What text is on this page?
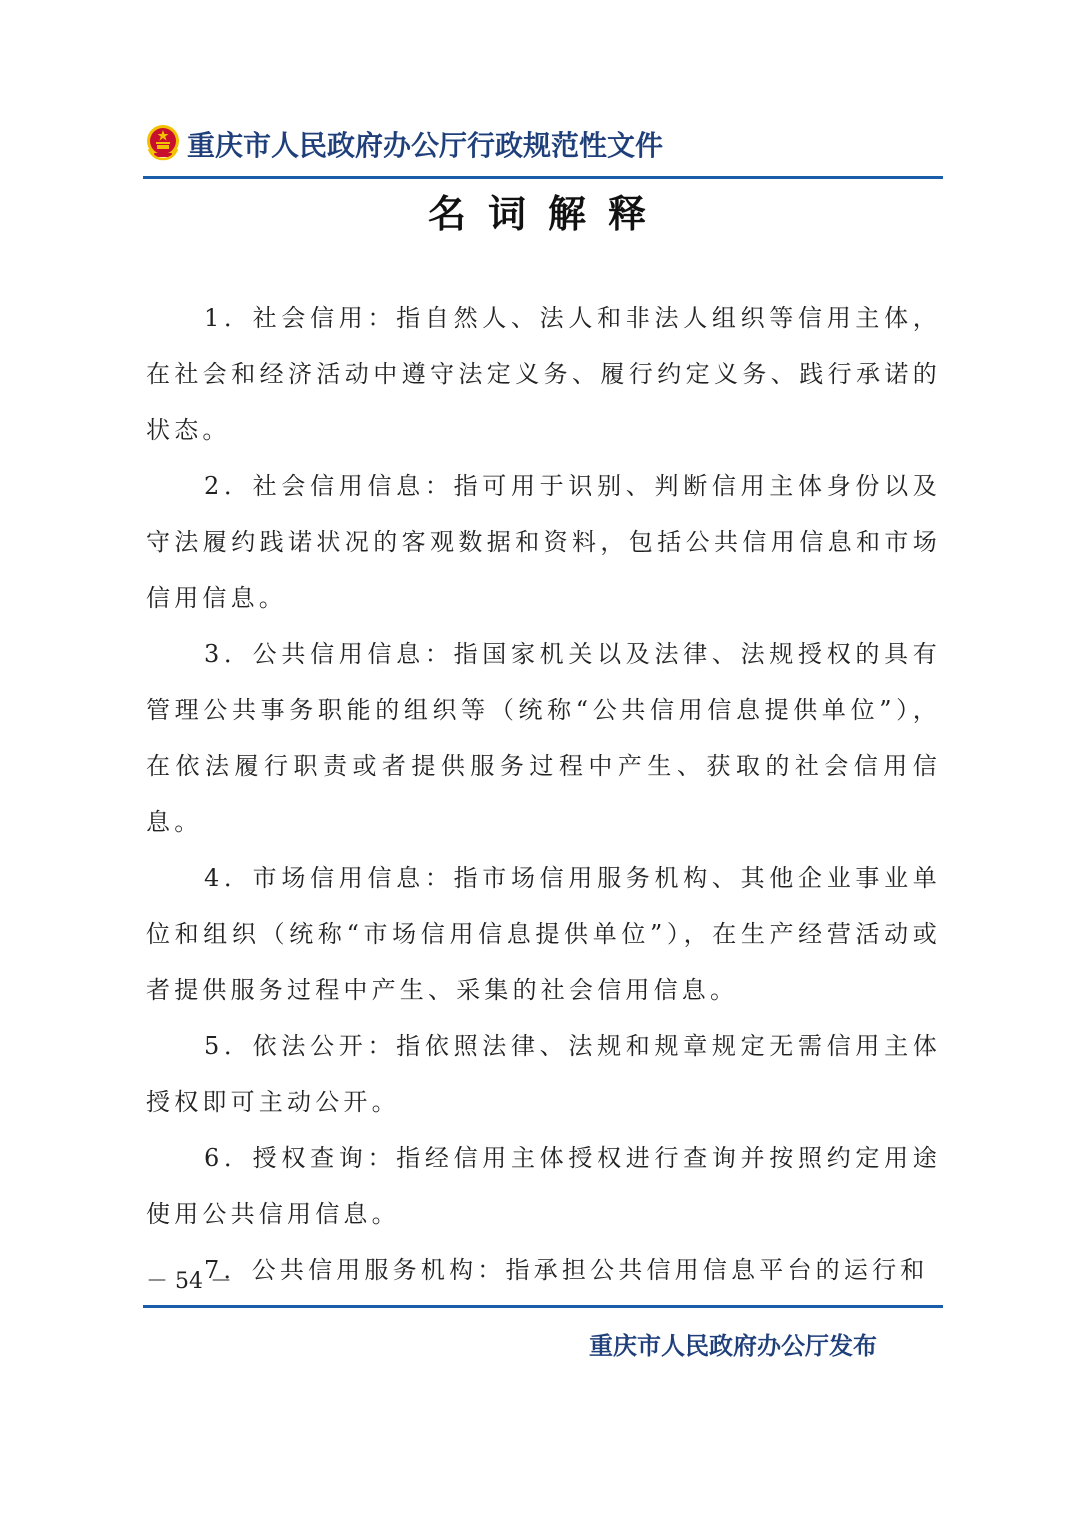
重庆市人民政府办公厅行政规范性文件
名词解释

1．社会信用：指自然人、法人和非法人组织等信用主体，在社会和经济活动中遵守法定义务、履行约定义务、践行承诺的状态。

2．社会信用信息：指可用于识别、判断信用主体身份以及守法履约践诺状况的客观数据和资料，包括公共信用信息和市场信用信息。

3．公共信用信息：指国家机关以及法律、法规授权的具有管理公共事务职能的组织等（统称“公共信用信息提供单位”），在依法履行职责或者提供服务过程中产生、获取的社会信用信息。

4．市场信用信息：指市场信用服务机构、其他企业事业单位和组织（统称“市场信用信息提供单位”），在生产经营活动或者提供服务过程中产生、采集的社会信用信息。

5．依法公开：指依照法律、法规和规章规定无需信用主体授权即可主动公开。

6．授权查询：指经信用主体授权进行查询并按照约定用途使用公共信用信息。

7．公共信用服务机构：指承担公共信用信息平台的运行和

－ 54 －
重庆市人民政府办公厅发布
